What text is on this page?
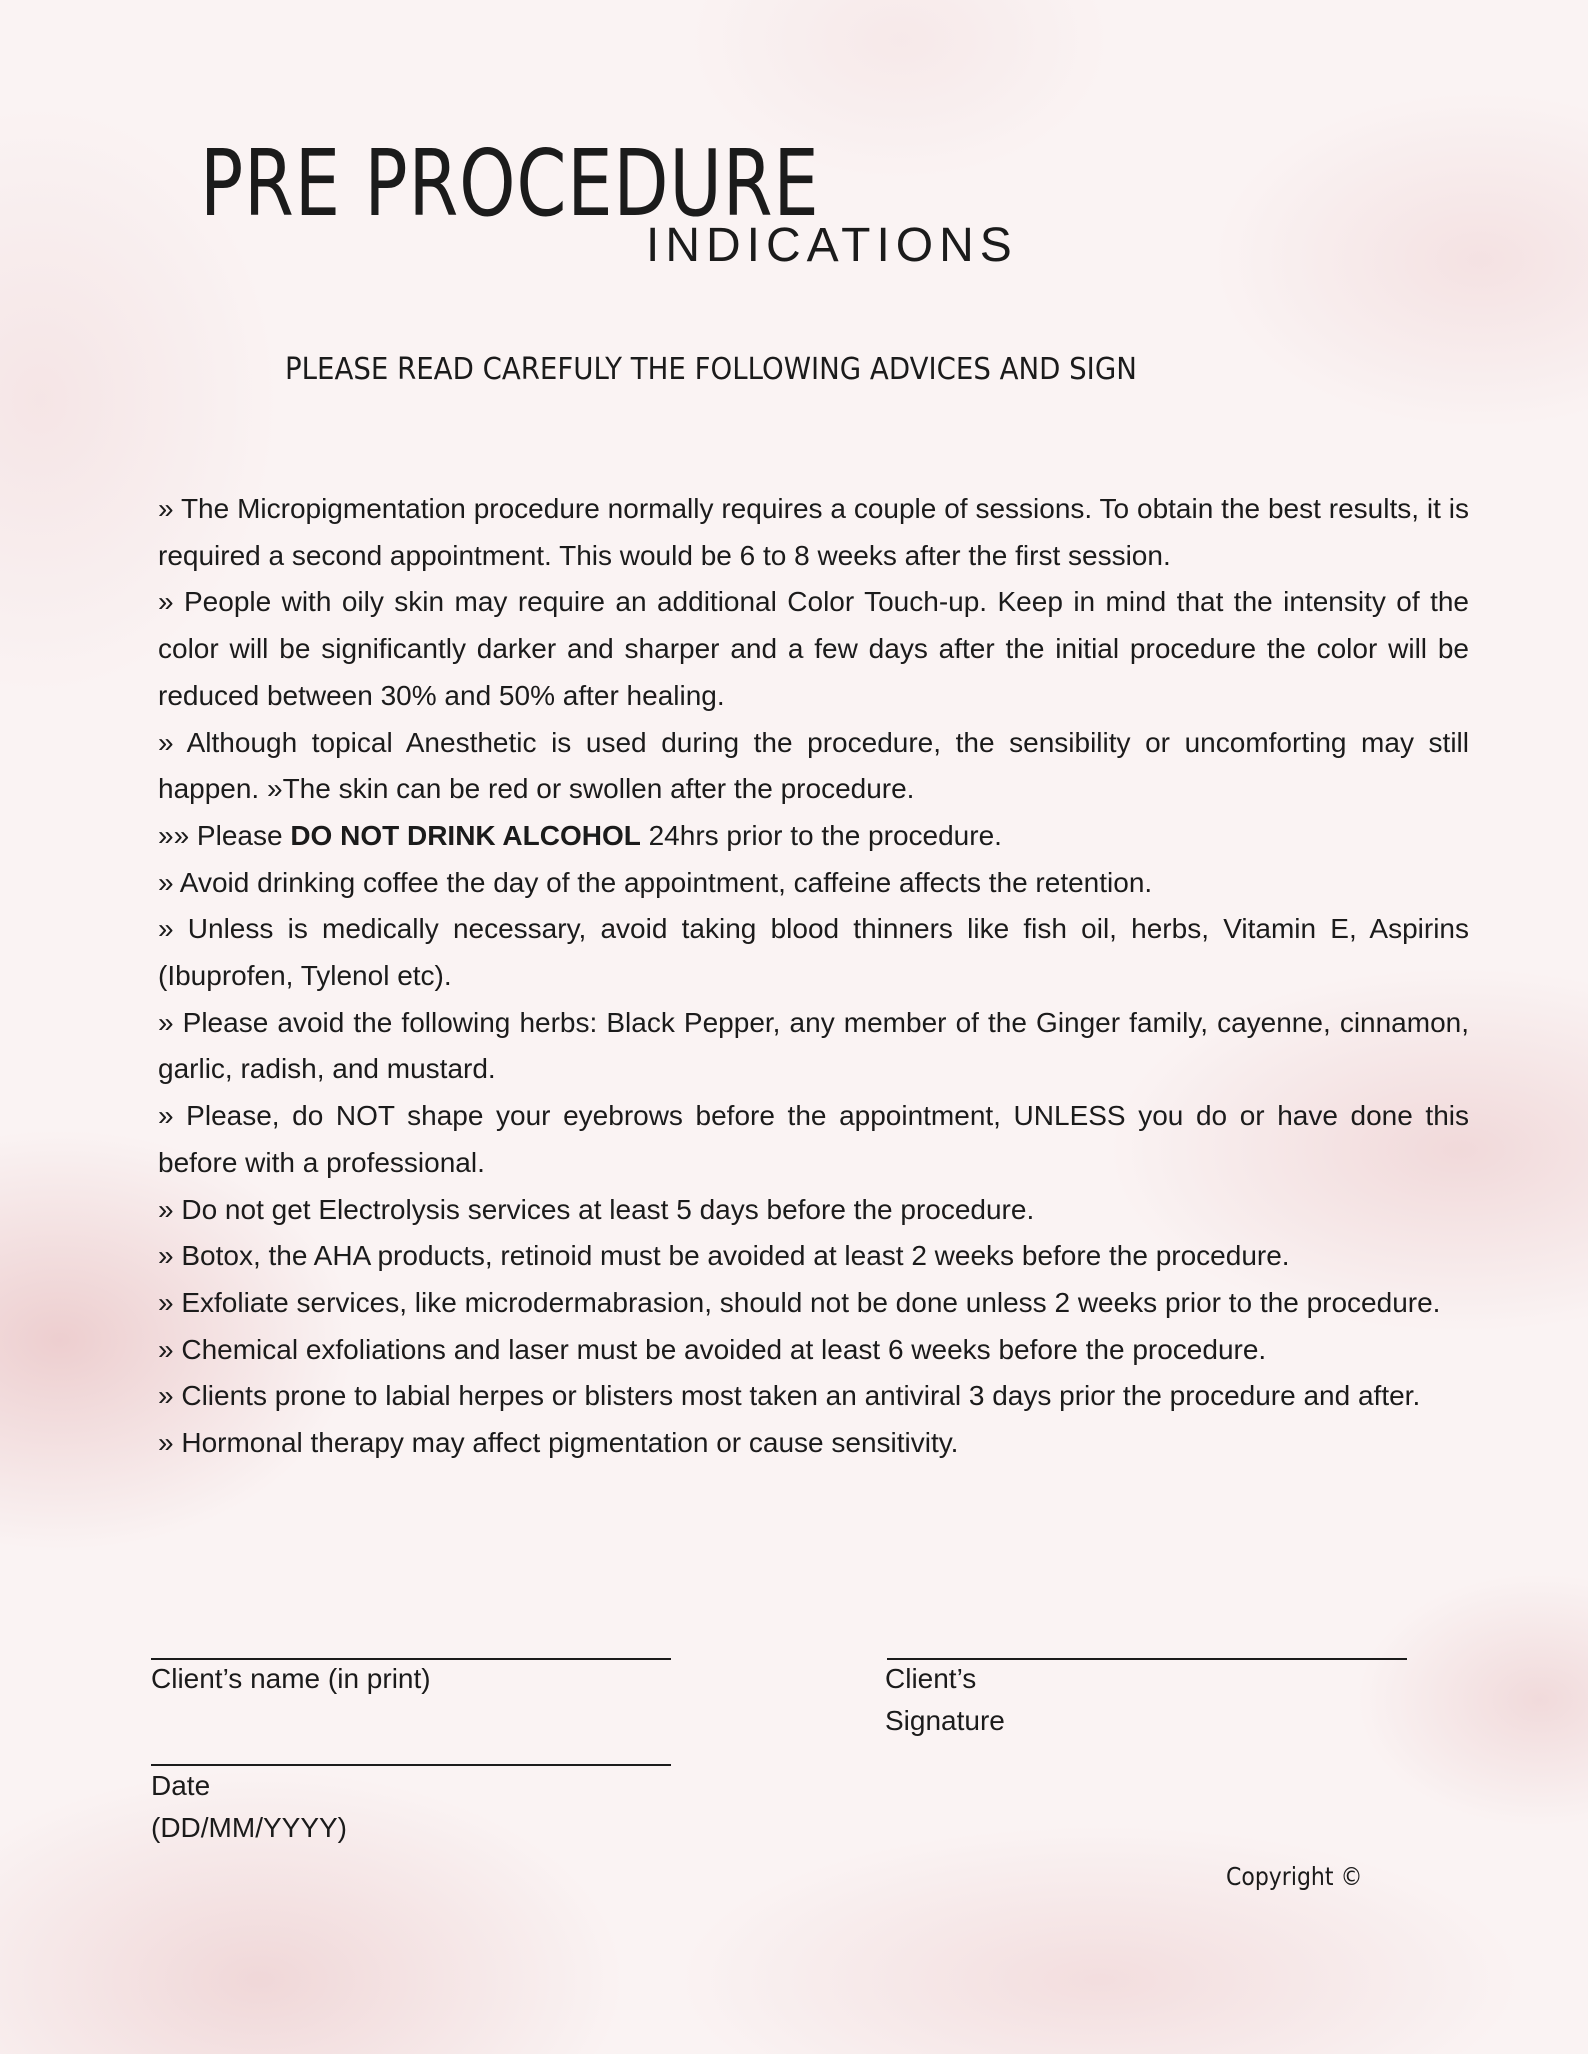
PRE PROCEDURE
INDICATIONS
PLEASE READ CAREFULY THE FOLLOWING ADVICES AND SIGN

» The Micropigmentation procedure normally requires a couple of sessions. To obtain the best results, it is required a second appointment. This would be 6 to 8 weeks after the first session.

» People with oily skin may require an additional Color Touch-up. Keep in mind that the intensity of the color will be significantly darker and sharper and a few days after the initial procedure the color will be reduced between 30% and 50% after healing.

» Although topical Anesthetic is used during the procedure, the sensibility or uncomforting may still happen. »The skin can be red or swollen after the procedure.

»» Please DO NOT DRINK ALCOHOL 24hrs prior to the procedure.

» Avoid drinking coffee the day of the appointment, caffeine affects the retention.

» Unless is medically necessary, avoid taking blood thinners like fish oil, herbs, Vitamin E, Aspirins (Ibuprofen, Tylenol etc).

» Please avoid the following herbs: Black Pepper, any member of the Ginger family, cayenne, cinnamon, garlic, radish, and mustard.

» Please, do NOT shape your eyebrows before the appointment, UNLESS you do or have done this before with a professional.

» Do not get Electrolysis services at least 5 days before the procedure.

» Botox, the AHA products, retinoid must be avoided at least 2 weeks before the procedure.

» Exfoliate services, like microdermabrasion, should not be done unless 2 weeks prior to the procedure.

» Chemical exfoliations and laser must be avoided at least 6 weeks before the procedure.

» Clients prone to labial herpes or blisters most taken an antiviral 3 days prior the procedure and after.

» Hormonal therapy may affect pigmentation or cause sensitivity.

Client’s name (in print)	Client’s
Signature
Date
(DD/MM/YYYY)
Copyright ©
